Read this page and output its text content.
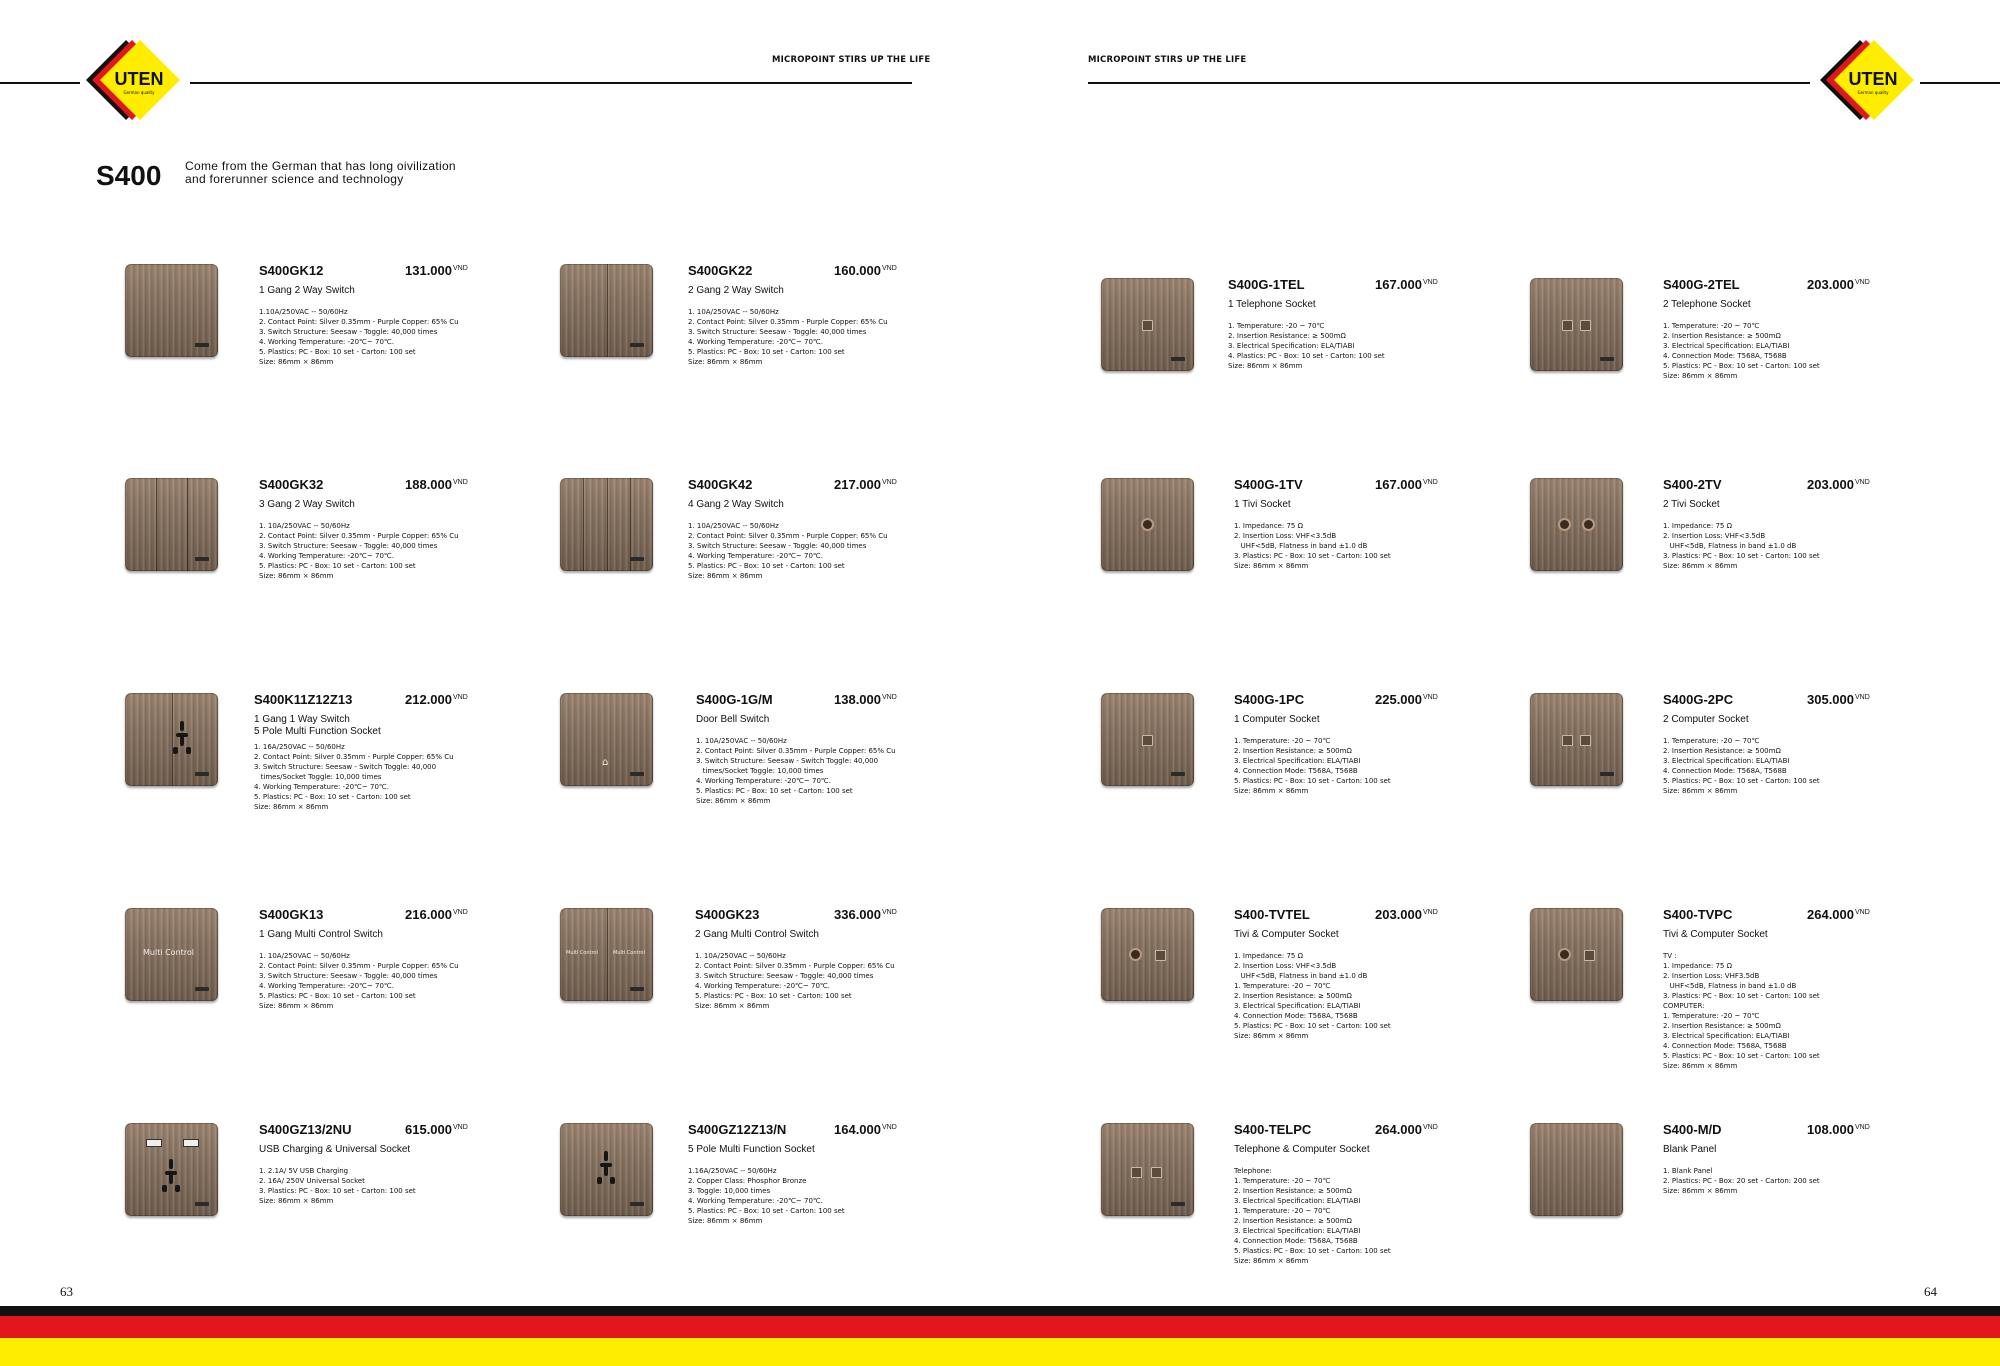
MICROPOINT STIRS UP THE LIFE	MICROPOINT STIRS UP THE LIFE
UTEN
German quality
UTEN
German quality
S400 Come from the German that has long oivilization
and forerunner science and technology
S400GK12	$131.000^{VND}$
1 Gang 2 Way Switch
1.10A/250VAC -- 50/60Hz
2. Contact Point: Silver 0.35mm - Purple Copper: 65% Cu
3. Switch Structure: Seesaw - Toggle: 40,000 times
4. Working Temperature: -20℃~ 70℃.
5. Plastics: PC - Box: 10 set - Carton: 100 set
Size: 86mm × 86mm
S400GK22	$160.000^{VND}$
2 Gang 2 Way Switch
1. 10A/250VAC -- 50/60Hz
2. Contact Point: Silver 0.35mm - Purple Copper: 65% Cu
3. Switch Structure: Seesaw - Toggle: 40,000 times
4. Working Temperature: -20℃~ 70℃.
5. Plastics: PC - Box: 10 set - Carton: 100 set
Size: 86mm × 86mm
S400G-1TEL	$167.000^{VND}$
1 Telephone Socket
1. Temperature: -20 ~ 70℃
2. Insertion Resistance: ≥ 500mΩ
3. Electrical Specification: ELA/TIABI
4. Plastics: PC - Box: 10 set - Carton: 100 set
Size: 86mm × 86mm
S400G-2TEL	$203.000^{VND}$
2 Telephone Socket
1. Temperature: -20 ~ 70℃
2. Insertion Resistance: ≥ 500mΩ
3. Electrical Specification: ELA/TIABI
4. Connection Mode: T568A, T568B
5. Plastics: PC - Box: 10 set - Carton: 100 set
Size: 86mm × 86mm
S400GK32	$188.000^{VND}$
3 Gang 2 Way Switch
1. 10A/250VAC -- 50/60Hz
2. Contact Point: Silver 0.35mm - Purple Copper: 65% Cu
3. Switch Structure: Seesaw - Toggle: 40,000 times
4. Working Temperature: -20℃~ 70℃.
5. Plastics: PC - Box: 10 set - Carton: 100 set
Size: 86mm × 86mm
S400GK42	$217.000^{VND}$
4 Gang 2 Way Switch
1. 10A/250VAC -- 50/60Hz
2. Contact Point: Silver 0.35mm - Purple Copper: 65% Cu
3. Switch Structure: Seesaw - Toggle: 40,000 times
4. Working Temperature: -20℃~ 70℃.
5. Plastics: PC - Box: 10 set - Carton: 100 set
Size: 86mm × 86mm
S400G-1TV	$167.000^{VND}$
1 Tivi Socket
1. Impedance: 75 Ω
2. Insertion Loss: VHF<3.5dB
UHF<5dB, Flatness in band ±1.0 dB
3. Plastics: PC - Box: 10 set - Carton: 100 set
Size: 86mm × 86mm
S400-2TV	$203.000^{VND}$
2 Tivi Socket
1. Impedance: 75 Ω
2. Insertion Loss: VHF<3.5dB
UHF<5dB, Flatness in band ±1.0 dB
3. Plastics: PC - Box: 10 set - Carton: 100 set
Size: 86mm × 86mm
S400K11Z12Z13	$212.000^{VND}$
1 Gang 1 Way Switch
5 Pole Multi Function Socket
1. 16A/250VAC -- 50/60Hz
2. Contact Point: Silver 0.35mm - Purple Copper: 65% Cu
3. Switch Structure: Seesaw - Switch Toggle: 40,000
times/Socket Toggle: 10,000 times
4. Working Temperature: -20℃~ 70℃.
5. Plastics: PC - Box: 10 set - Carton: 100 set
Size: 86mm × 86mm
⌂
S400G-1G/M	$138.000^{VND}$
Door Bell Switch
1. 10A/250VAC -- 50/60Hz
2. Contact Point: Silver 0.35mm - Purple Copper: 65% Cu
3. Switch Structure: Seesaw - Switch Toggle: 40,000
times/Socket Toggle: 10,000 times
4. Working Temperature: -20℃~ 70℃.
5. Plastics: PC - Box: 10 set - Carton: 100 set
Size: 86mm × 86mm
S400G-1PC	$225.000^{VND}$
1 Computer Socket
1. Temperature: -20 ~ 70℃
2. Insertion Resistance: ≥ 500mΩ
3. Electrical Specification: ELA/TIABI
4. Connection Mode: T568A, T568B
5. Plastics: PC - Box: 10 set - Carton: 100 set
Size: 86mm × 86mm
S400G-2PC	$305.000^{VND}$
2 Computer Socket
1. Temperature: -20 ~ 70℃
2. Insertion Resistance: ≥ 500mΩ
3. Electrical Specification: ELA/TIABI
4. Connection Mode: T568A, T568B
5. Plastics: PC - Box: 10 set - Carton: 100 set
Size: 86mm × 86mm
Multi Control
S400GK13	$216.000^{VND}$
1 Gang Multi Control Switch
1. 10A/250VAC -- 50/60Hz
2. Contact Point: Silver 0.35mm - Purple Copper: 65% Cu
3. Switch Structure: Seesaw - Toggle: 40,000 times
4. Working Temperature: -20℃~ 70℃.
5. Plastics: PC - Box: 10 set - Carton: 100 set
Size: 86mm × 86mm
Multi Control	Multi Control
S400GK23	$336.000^{VND}$
2 Gang Multi Control Switch
1. 10A/250VAC -- 50/60Hz
2. Contact Point: Silver 0.35mm - Purple Copper: 65% Cu
3. Switch Structure: Seesaw - Toggle: 40,000 times
4. Working Temperature: -20℃~ 70℃.
5. Plastics: PC - Box: 10 set - Carton: 100 set
Size: 86mm × 86mm
S400-TVTEL	$203.000^{VND}$
Tivi & Computer Socket
1. Impedance: 75 Ω
2. Insertion Loss: VHF<3.5dB
UHF<5dB, Flatness in band ±1.0 dB
1. Temperature: -20 ~ 70℃
2. Insertion Resistance: ≥ 500mΩ
3. Electrical Specification: ELA/TIABI
4. Connection Mode: T568A, T568B
5. Plastics: PC - Box: 10 set - Carton: 100 set
Size: 86mm × 86mm
S400-TVPC	$264.000^{VND}$
Tivi & Computer Socket
TV :
1. Impedance: 75 Ω
2. Insertion Loss: VHF3.5dB
UHF<5dB, Flatness in band ±1.0 dB
3. Plastics: PC - Box: 10 set - Carton: 100 set
COMPUTER:
1. Temperature: -20 ~ 70℃
2. Insertion Resistance: ≥ 500mΩ
3. Electrical Specification: ELA/TIABI
4. Connection Mode: T568A, T568B
5. Plastics: PC - Box: 10 set - Carton: 100 set
Size: 86mm × 86mm
S400GZ13/2NU	$615.000^{VND}$
USB Charging & Universal Socket
1. 2.1A/ 5V USB Charging
2. 16A/ 250V Universal Socket
3. Plastics: PC - Box: 10 set - Carton: 100 set
Size: 86mm × 86mm
S400GZ12Z13/N	$164.000^{VND}$
5 Pole Multi Function Socket
1.16A/250VAC -- 50/60Hz
2. Copper Class: Phosphor Bronze
3. Toggle: 10,000 times
4. Working Temperature: -20℃~ 70℃.
5. Plastics: PC - Box: 10 set - Carton: 100 set
Size: 86mm × 86mm
S400-TELPC	$264.000^{VND}$
Telephone & Computer Socket
Telephone:
1. Temperature: -20 ~ 70℃
2. Insertion Resistance: ≥ 500mΩ
3. Electrical Specification: ELA/TIABI
1. Temperature: -20 ~ 70℃
2. Insertion Resistance: ≥ 500mΩ
3. Electrical Specification: ELA/TIABI
4. Connection Mode: T568A, T568B
5. Plastics: PC - Box: 10 set - Carton: 100 set
Size: 86mm × 86mm
S400-M/D	$108.000^{VND}$
Blank Panel
1. Blank Panel
2. Plastics: PC - Box: 20 set - Carton: 200 set
Size: 86mm × 86mm
63	64
